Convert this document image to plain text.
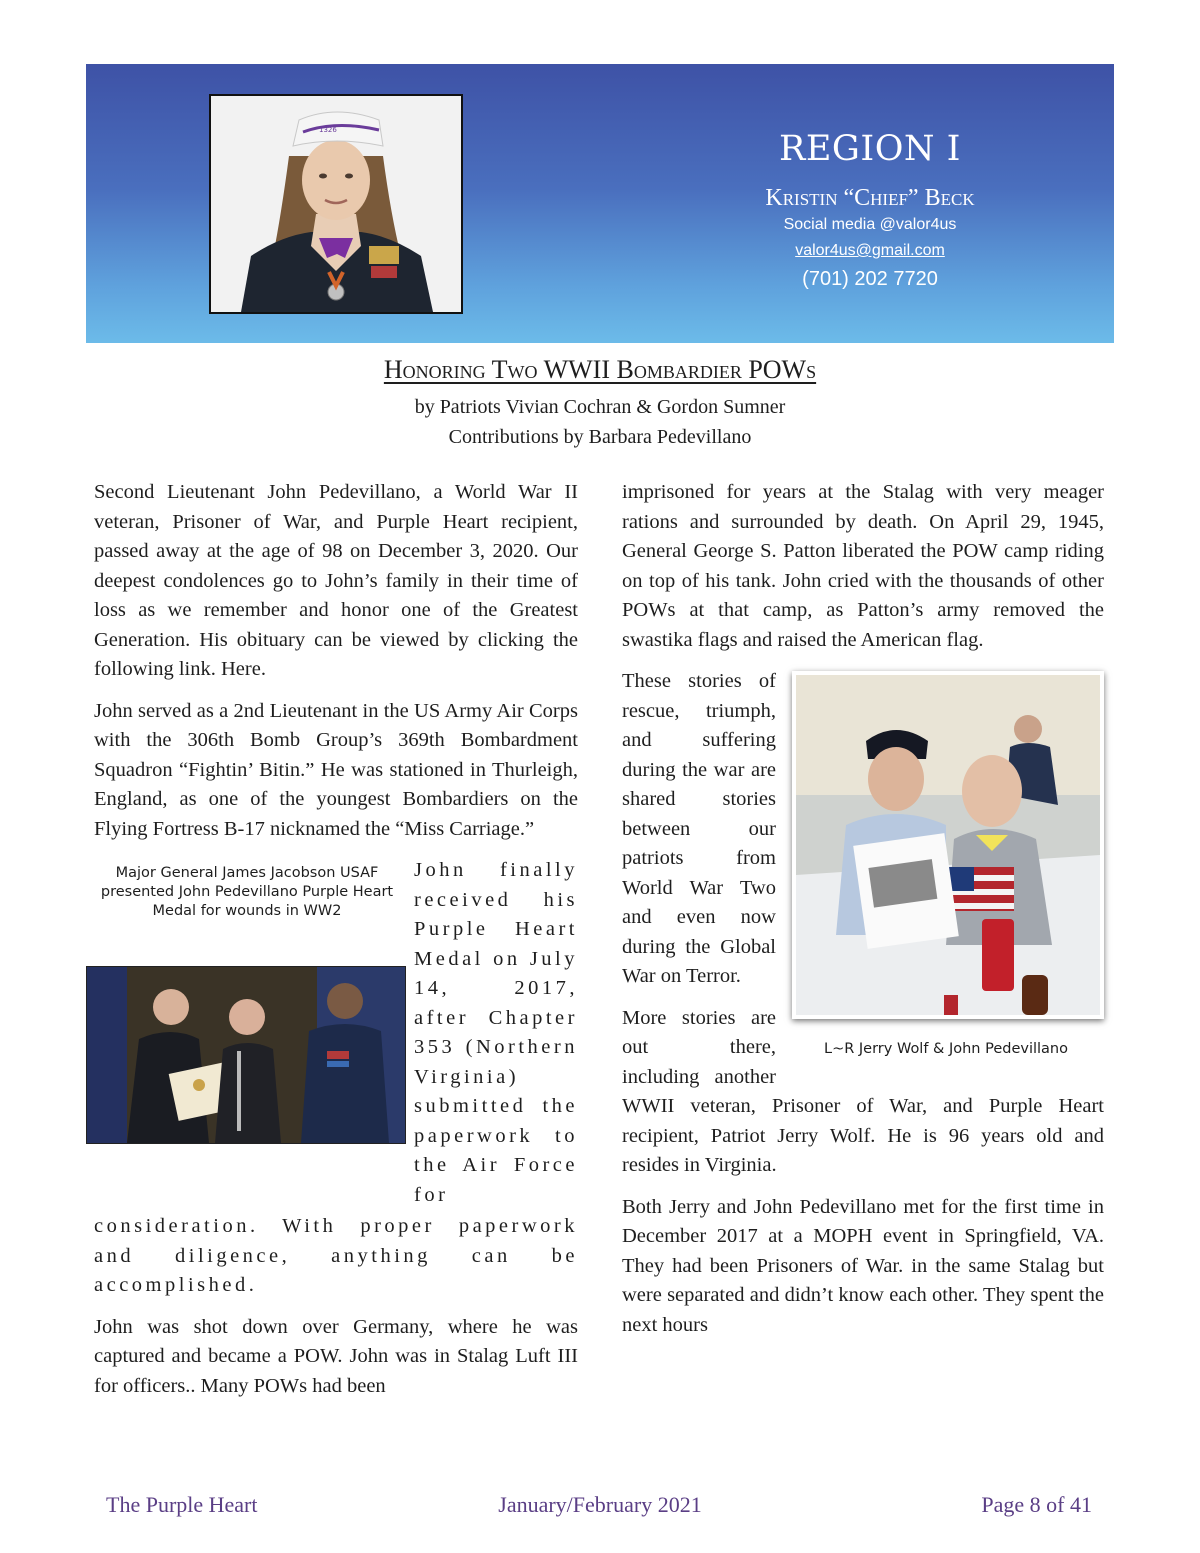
1326	REGION I
Kristin “Chief” Beck
Social media @valor4us
valor4us@gmail.com
(701) 202 7720
Honoring Two WWII Bombardier POWs
by Patriots Vivian Cochran & Gordon Sumner
Contributions by Barbara Pedevillano

Second Lieutenant John Pedevillano, a World War II veteran, Prisoner of War, and Purple Heart recipient, passed away at the age of 98 on December 3, 2020. Our deepest condolences go to John’s family in their time of loss as we remember and honor one of the Greatest Generation. His obituary can be viewed by clicking the following link. Here.

John served as a 2nd Lieutenant in the US Army Air Corps with the 306th Bomb Group’s 369th Bombardment Squadron “Fightin’ Bitin.” He was stationed in Thurleigh, England, as one of the youngest Bombardiers on the Flying Fortress B-17 nicknamed the “Miss Carriage.”

Major General James Jacobson USAF presented John Pedevillano Purple Heart Medal for wounds in WW2

John finally received his Purple Heart Medal on July 14, 2017, after Chapter 353 (Northern Virginia) submitted the paperwork to the Air Force for consideration. With proper paperwork and diligence, anything can be accomplished.

John was shot down over Germany, where he was captured and became a POW. John was in Stalag Luft III for officers.. Many POWs had been

imprisoned for years at the Stalag with very meager rations and surrounded by death. On April 29, 1945, General George S. Patton liberated the POW camp riding on top of his tank. John cried with the thousands of other POWs at that camp, as Patton’s army removed the swastika flags and raised the American flag.

L~R Jerry Wolf & John Pedevillano

These stories of rescue, triumph, and suffering during the war are shared stories between our patriots from World War Two and even now during the Global War on Terror.

More stories are out there, including another WWII veteran, Prisoner of War, and Purple Heart recipient, Patriot Jerry Wolf. He is 96 years old and resides in Virginia.

Both Jerry and John Pedevillano met for the first time in December 2017 at a MOPH event in Springfield, VA. They had been Prisoners of War. in the same Stalag but were separated and didn’t know each other. They spent the next hours

The Purple Heart	January/February 2021	Page 8 of 41
